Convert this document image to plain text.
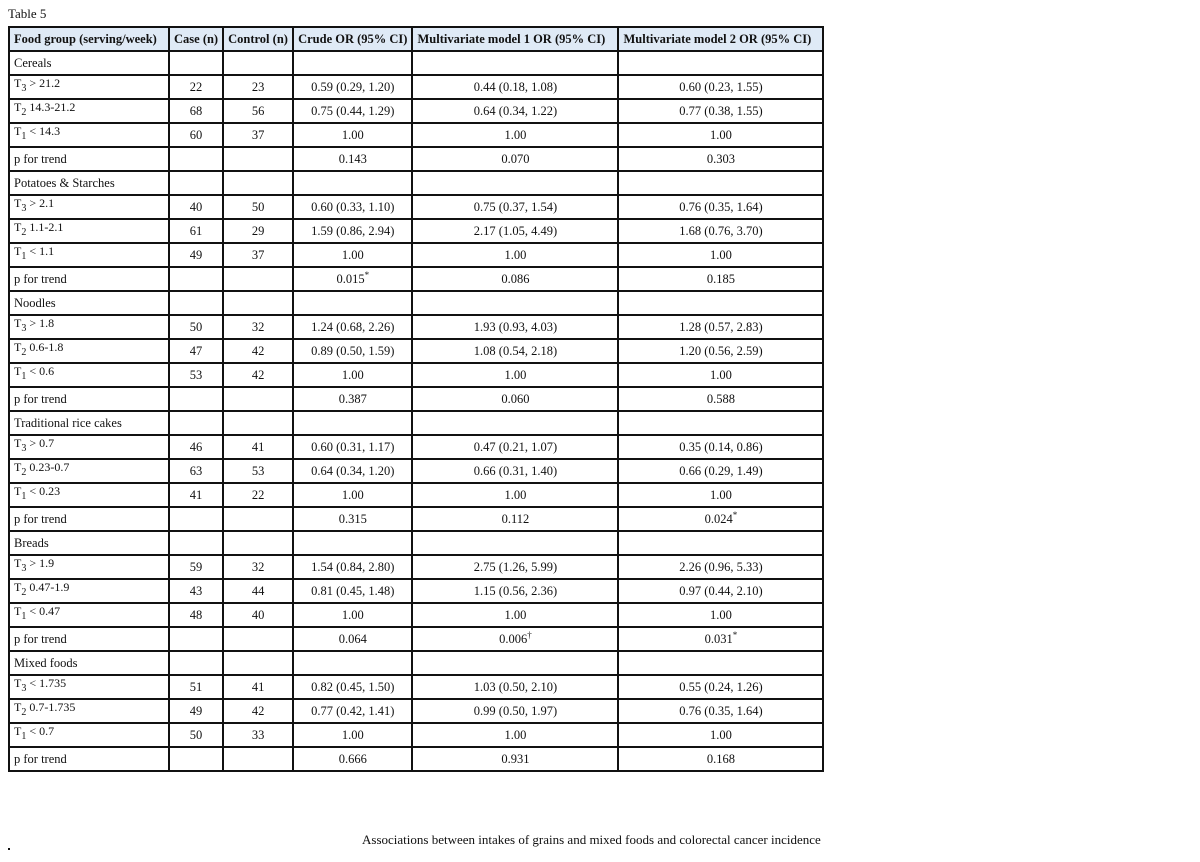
Table 5
Food group (serving/week)	Case (n)	Control (n)	Crude OR (95% CI)	Multivariate model 1 OR (95% CI)	Multivariate model 2 OR (95% CI)
Cereals					
$T_3 > 21.2$	22	23	0.59 (0.29, 1.20)	0.44 (0.18, 1.08)	0.60 (0.23, 1.55)
$T_2$ 14.3-21.2	68	56	0.75 (0.44, 1.29)	0.64 (0.34, 1.22)	0.77 (0.38, 1.55)
$T_1 < 14.3$	60	37	1.00	1.00	1.00
p for trend			0.143	0.070	0.303
Potatoes & Starches					
$T_3 > 2.1$	40	50	0.60 (0.33, 1.10)	0.75 (0.37, 1.54)	0.76 (0.35, 1.64)
$T_2$ 1.1-2.1	61	29	1.59 (0.86, 2.94)	2.17 (1.05, 4.49)	1.68 (0.76, 3.70)
$T_1 < 1.1$	49	37	1.00	1.00	1.00
p for trend			0.015*	0.086	0.185
Noodles					
$T_3 > 1.8$	50	32	1.24 (0.68, 2.26)	1.93 (0.93, 4.03)	1.28 (0.57, 2.83)
$T_2$ 0.6-1.8	47	42	0.89 (0.50, 1.59)	1.08 (0.54, 2.18)	1.20 (0.56, 2.59)
$T_1 < 0.6$	53	42	1.00	1.00	1.00
p for trend			0.387	0.060	0.588
Traditional rice cakes					
$T_3 > 0.7$	46	41	0.60 (0.31, 1.17)	0.47 (0.21, 1.07)	0.35 (0.14, 0.86)
$T_2$ 0.23-0.7	63	53	0.64 (0.34, 1.20)	0.66 (0.31, 1.40)	0.66 (0.29, 1.49)
$T_1 < 0.23$	41	22	1.00	1.00	1.00
p for trend			0.315	0.112	0.024*
Breads					
$T_3 > 1.9$	59	32	1.54 (0.84, 2.80)	2.75 (1.26, 5.99)	2.26 (0.96, 5.33)
$T_2$ 0.47-1.9	43	44	0.81 (0.45, 1.48)	1.15 (0.56, 2.36)	0.97 (0.44, 2.10)
$T_1 < 0.47$	48	40	1.00	1.00	1.00
p for trend			0.064	0.006†	0.031*
Mixed foods					
$T_3 < 1.735$	51	41	0.82 (0.45, 1.50)	1.03 (0.50, 2.10)	0.55 (0.24, 1.26)
$T_2$ 0.7-1.735	49	42	0.77 (0.42, 1.41)	0.99 (0.50, 1.97)	0.76 (0.35, 1.64)
$T_1 < 0.7$	50	33	1.00	1.00	1.00
p for trend			0.666	0.931	0.168
Associations between intakes of grains and mixed foods and colorectal cancer incidence
